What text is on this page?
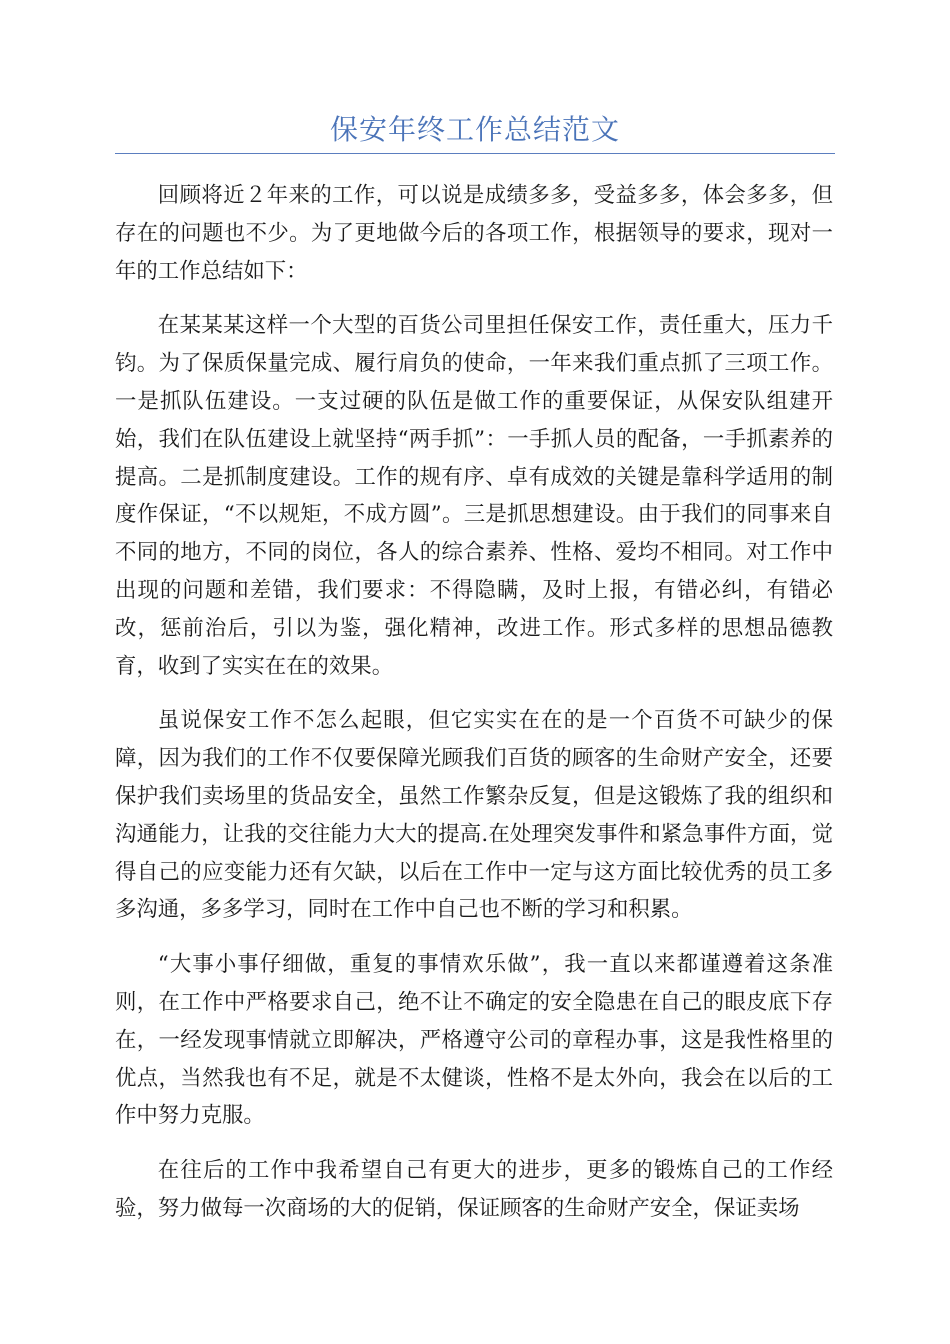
保安年终工作总结范文

回顾将近２年来的工作，可以说是成绩多多，受益多多，体会多多，但存在的问题也不少。为了更地做今后的各项工作，根据领导的要求，现对一年的工作总结如下：

在某某某这样一个大型的百货公司里担任保安工作，责任重大，压力千钧。为了保质保量完成、履行肩负的使命，一年来我们重点抓了三项工作。一是抓队伍建设。一支过硬的队伍是做工作的重要保证，从保安队组建开始，我们在队伍建设上就坚持“两手抓”：一手抓人员的配备，一手抓素养的提高。二是抓制度建设。工作的规有序、卓有成效的关键是靠科学适用的制度作保证，“不以规矩，不成方圆”。三是抓思想建设。由于我们的同事来自不同的地方，不同的岗位，各人的综合素养、性格、爱均不相同。对工作中出现的问题和差错，我们要求：不得隐瞒，及时上报，有错必纠，有错必改，惩前治后，引以为鉴，强化精神，改进工作。形式多样的思想品德教育，收到了实实在在的效果。

虽说保安工作不怎么起眼，但它实实在在的是一个百货不可缺少的保障，因为我们的工作不仅要保障光顾我们百货的顾客的生命财产安全，还要保护我们卖场里的货品安全，虽然工作繁杂反复，但是这锻炼了我的组织和沟通能力，让我的交往能力大大的提高.在处理突发事件和紧急事件方面，觉得自己的应变能力还有欠缺，以后在工作中一定与这方面比较优秀的员工多多沟通，多多学习，同时在工作中自己也不断的学习和积累。

“大事小事仔细做，重复的事情欢乐做”，我一直以来都谨遵着这条准则，在工作中严格要求自己，绝不让不确定的安全隐患在自己的眼皮底下存在，一经发现事情就立即解决，严格遵守公司的章程办事，这是我性格里的优点，当然我也有不足，就是不太健谈，性格不是太外向，我会在以后的工作中努力克服。

在往后的工作中我希望自己有更大的进步，更多的锻炼自己的工作经验，努力做每一次商场的大的促销，保证顾客的生命财产安全，保证卖场
